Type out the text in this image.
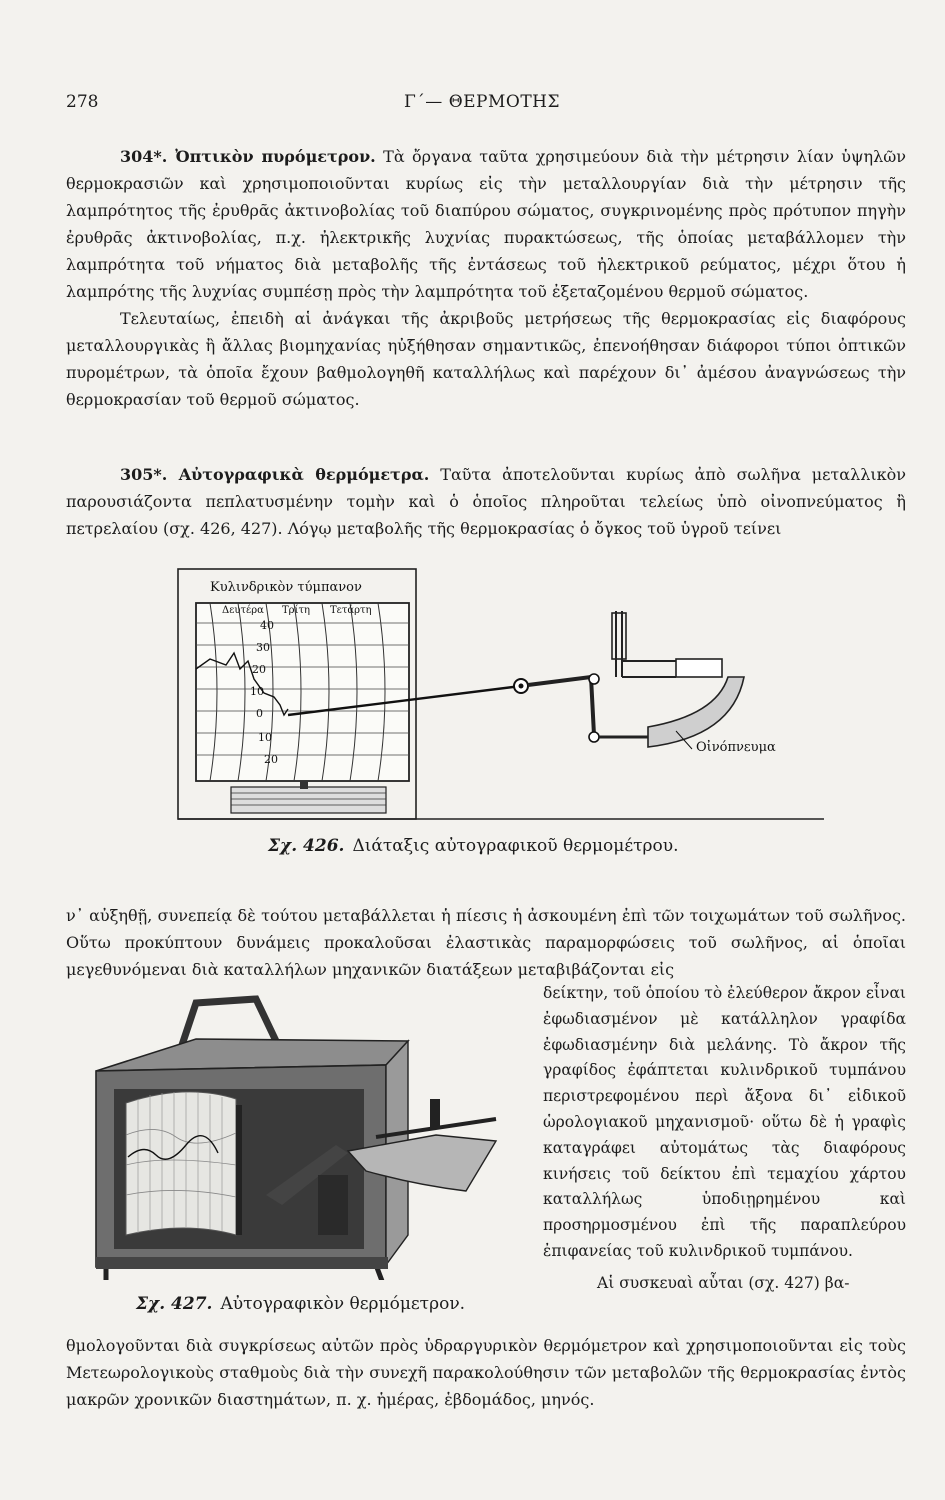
278	Γ΄— ΘΕΡΜΟΤΗΣ

304*. Ὀπτικὸν πυρόμετρον. Τὰ ὄργανα ταῦτα χρησιμεύουν διὰ τὴν μέτρησιν λίαν ὑψηλῶν θερμοκρασιῶν καὶ χρησιμοποιοῦνται κυρίως εἰς τὴν μεταλλουργίαν διὰ τὴν μέτρησιν τῆς λαμπρότητος τῆς ἐρυθρᾶς ἀκτινοβολίας τοῦ διαπύρου σώματος, συγκρινομένης πρὸς πρότυπον πηγὴν ἐρυθρᾶς ἀκτινοβολίας, π.χ. ἠλεκτρικῆς λυχνίας πυρακτώσεως, τῆς ὁποίας μεταβάλλομεν τὴν λαμπρότητα τοῦ νήματος διὰ μεταβολῆς τῆς ἐντάσεως τοῦ ἠλεκτρικοῦ ρεύματος, μέχρι ὅτου ἡ λαμπρότης τῆς λυχνίας συμπέσῃ πρὸς τὴν λαμπρότητα τοῦ ἐξεταζομένου θερμοῦ σώματος.

Τελευταίως, ἐπειδὴ αἱ ἀνάγκαι τῆς ἀκριβοῦς μετρήσεως τῆς θερμοκρασίας εἰς διαφόρους μεταλλουργικὰς ἢ ἄλλας βιομηχανίας ηὐξήθησαν σημαντικῶς, ἐπενοήθησαν διάφοροι τύποι ὀπτικῶν πυρομέτρων, τὰ ὁποῖα ἔχουν βαθμολογηθῆ καταλλήλως καὶ παρέχουν δι᾿ ἀμέσου ἀναγνώσεως τὴν θερμοκρασίαν τοῦ θερμοῦ σώματος.

305*. Αὐτογραφικὰ θερμόμετρα. Ταῦτα ἀποτελοῦνται κυρίως ἀπὸ σωλῆνα μεταλλικὸν παρουσιάζοντα πεπλατυσμένην τομὴν καὶ ὁ ὁποῖος πληροῦται τελείως ὑπὸ οἰνοπνεύματος ἢ πετρελαίου (σχ. 426, 427). Λόγῳ μεταβολῆς τῆς θερμοκρασίας ὁ ὄγκος τοῦ ὑγροῦ τείνει

Κυλινδρικὸν τύμπανον
Δευτέρα Τρίτη Τετάρτη
40
30
20
10
0
10
20
Οἰνόπνευμα
Σχ. 426. Διάταξις αὐτογραφικοῦ θερμομέτρου.

ν᾿ αὐξηθῇ, συνεπείᾳ δὲ τούτου μεταβάλλεται ἡ πίεσις ἡ ἀσκουμένη ἐπὶ τῶν τοιχωμάτων τοῦ σωλῆνος. Οὕτω προκύπτουν δυνάμεις προκαλοῦσαι ἐλαστικὰς παραμορφώσεις τοῦ σωλῆνος, αἱ ὁποῖαι μεγεθυνόμεναι διὰ καταλλήλων μηχανικῶν διατάξεων μεταβιβάζονται εἰς

Σχ. 427. Αὐτογραφικὸν θερμόμετρον.

δείκτην, τοῦ ὁποίου τὸ ἐλεύθερον ἄκρον εἶναι ἐφωδιασμένον μὲ κατάλληλον γραφίδα ἐφωδιασμένην διὰ μελάνης. Τὸ ἄκρον τῆς γραφίδος ἐφάπτεται κυλινδρικοῦ τυμπάνου περιστρεφομένου περὶ ἄξονα δι᾿ εἰδικοῦ ὡρολογιακοῦ μηχανισμοῦ· οὕτω δὲ ἡ γραφὶς καταγράφει αὐτομάτως τὰς διαφόρους κινήσεις τοῦ δείκτου ἐπὶ τεμαχίου χάρτου καταλλήλως ὑποδιῃρημένου καὶ προσηρμοσμένου ἐπὶ τῆς παραπλεύρου ἐπιφανείας τοῦ κυλινδρικοῦ τυμπάνου.

Αἱ συσκευαὶ αὗται (σχ. 427) βα-

θμολογοῦνται διὰ συγκρίσεως αὐτῶν πρὸς ὑδραργυρικὸν θερμόμετρον καὶ χρησιμοποιοῦνται εἰς τοὺς Μετεωρολογικοὺς σταθμοὺς διὰ τὴν συνεχῆ παρακολούθησιν τῶν μεταβολῶν τῆς θερμοκρασίας ἐντὸς μακρῶν χρονικῶν διαστημάτων, π. χ. ἡμέρας, ἑβδομάδος, μηνός.
